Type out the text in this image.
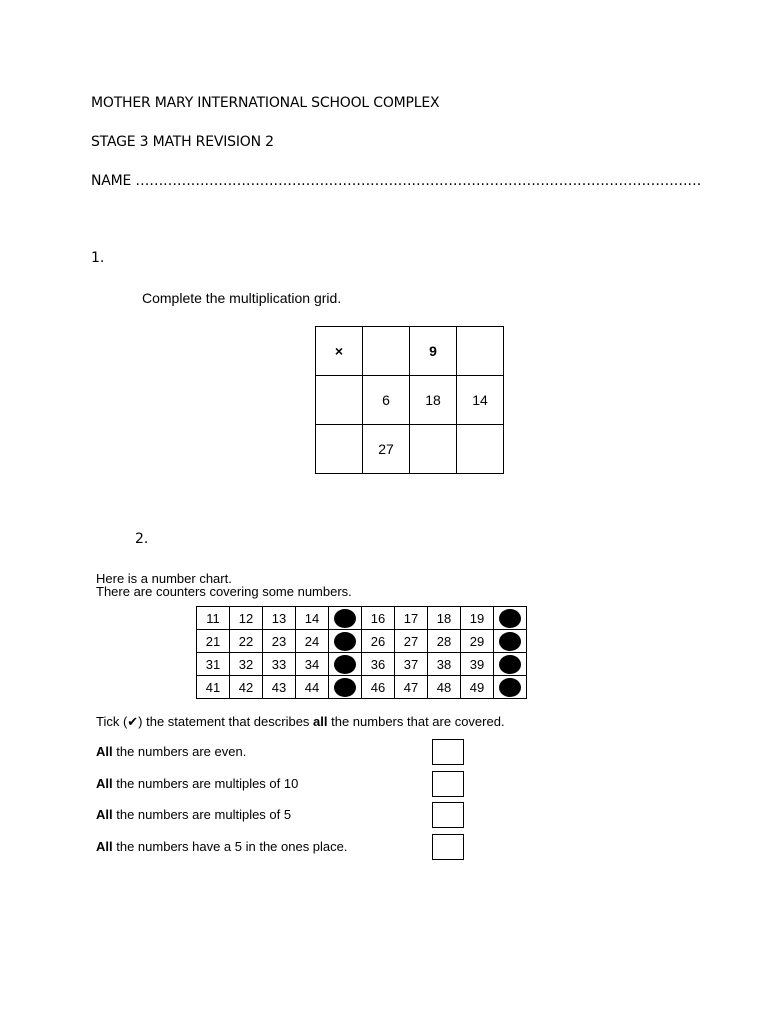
MOTHER MARY INTERNATIONAL SCHOOL COMPLEX
STAGE 3 MATH REVISION 2
NAME ……………………………………………………………………………………………………………
1.
Complete the multiplication grid.
×		9	
	6	18	14
	27		
2.
Here is a number chart.
There are counters covering some numbers.
11	12	13	14		16	17	18	19	
21	22	23	24		26	27	28	29	
31	32	33	34		36	37	38	39	
41	42	43	44		46	47	48	49	
Tick (✔) the statement that describes all the numbers that are covered.
All the numbers are even.
All the numbers are multiples of 10
All the numbers are multiples of 5
All the numbers have a 5 in the ones place.
